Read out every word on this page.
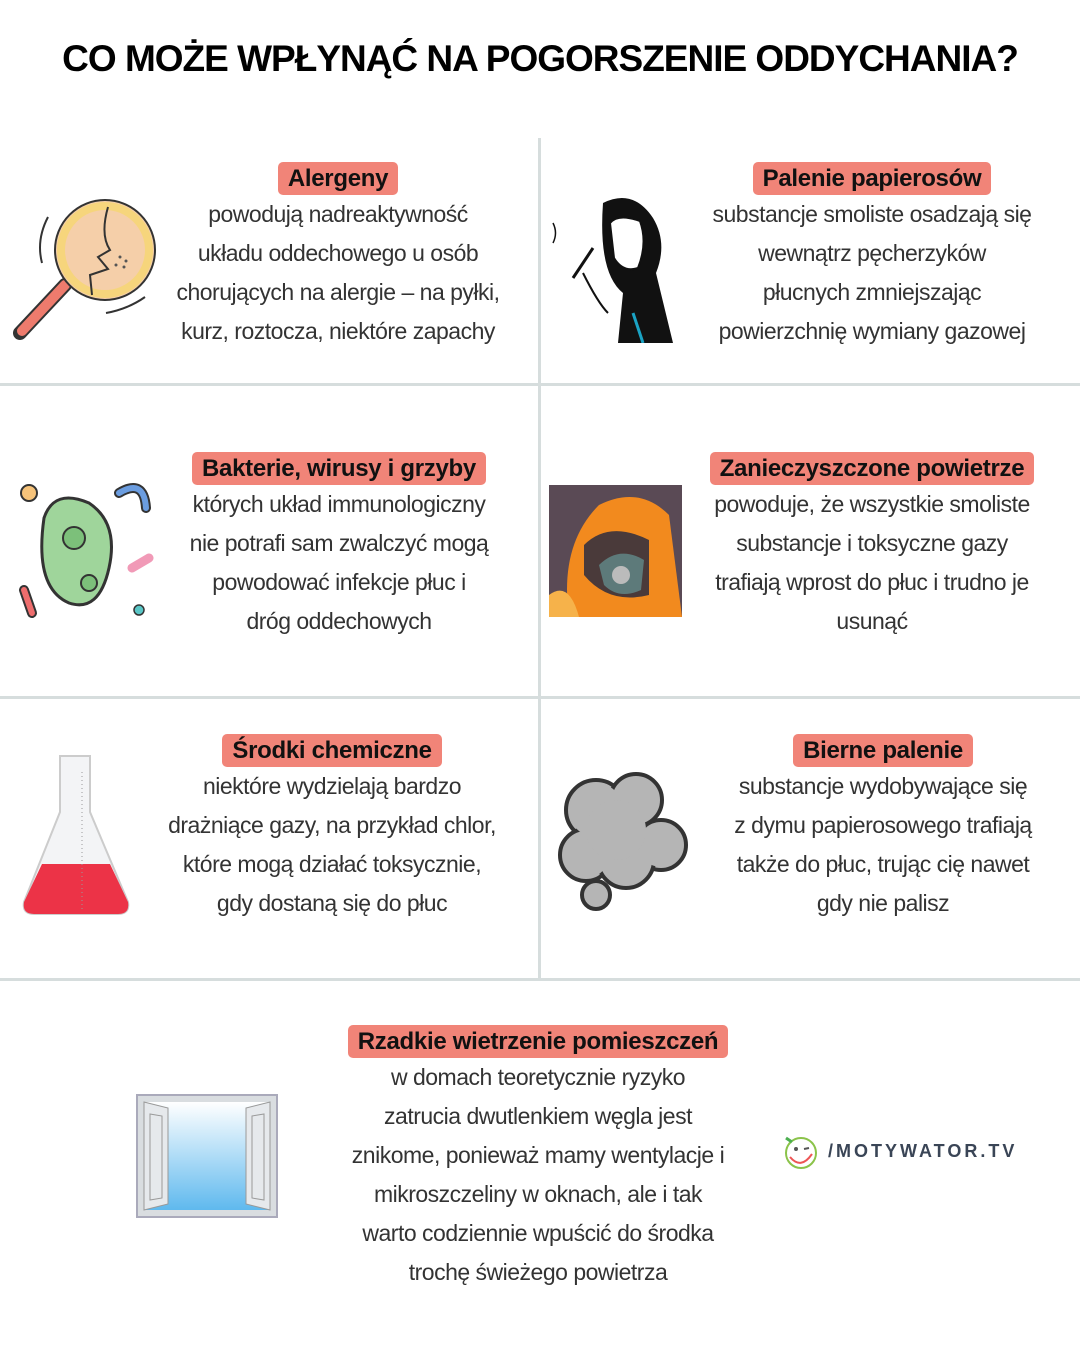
CO MOŻE WPŁYNĄĆ NA POGORSZENIE ODDYCHANIA?
Alergeny
powodują nadreaktywność
układu oddechowego u osób
chorujących na alergie – na pyłki,
kurz, roztocza, niektóre zapachy
Palenie papierosów
substancje smoliste osadzają się
wewnątrz pęcherzyków
płucnych zmniejszając
powierzchnię wymiany gazowej
Bakterie, wirusy i grzyby
których układ immunologiczny
nie potrafi sam zwalczyć mogą
powodować infekcje płuc i
dróg oddechowych
Zanieczyszczone powietrze
powoduje, że wszystkie smoliste
substancje i toksyczne gazy
trafiają wprost do płuc i trudno je
usunąć
Środki chemiczne
niektóre wydzielają bardzo
drażniące gazy, na przykład chlor,
które mogą działać toksycznie,
gdy dostaną się do płuc
Bierne palenie
substancje wydobywające się
z dymu papierosowego trafiają
także do płuc, trując cię nawet
gdy nie palisz
Rzadkie wietrzenie pomieszczeń
w domach teoretycznie ryzyko
zatrucia dwutlenkiem węgla jest
znikome, ponieważ mamy wentylacje i
mikroszczeliny w oknach, ale i tak
warto codziennie wpuścić do środka
trochę świeżego powietrza
/MOTYWATOR.TV
